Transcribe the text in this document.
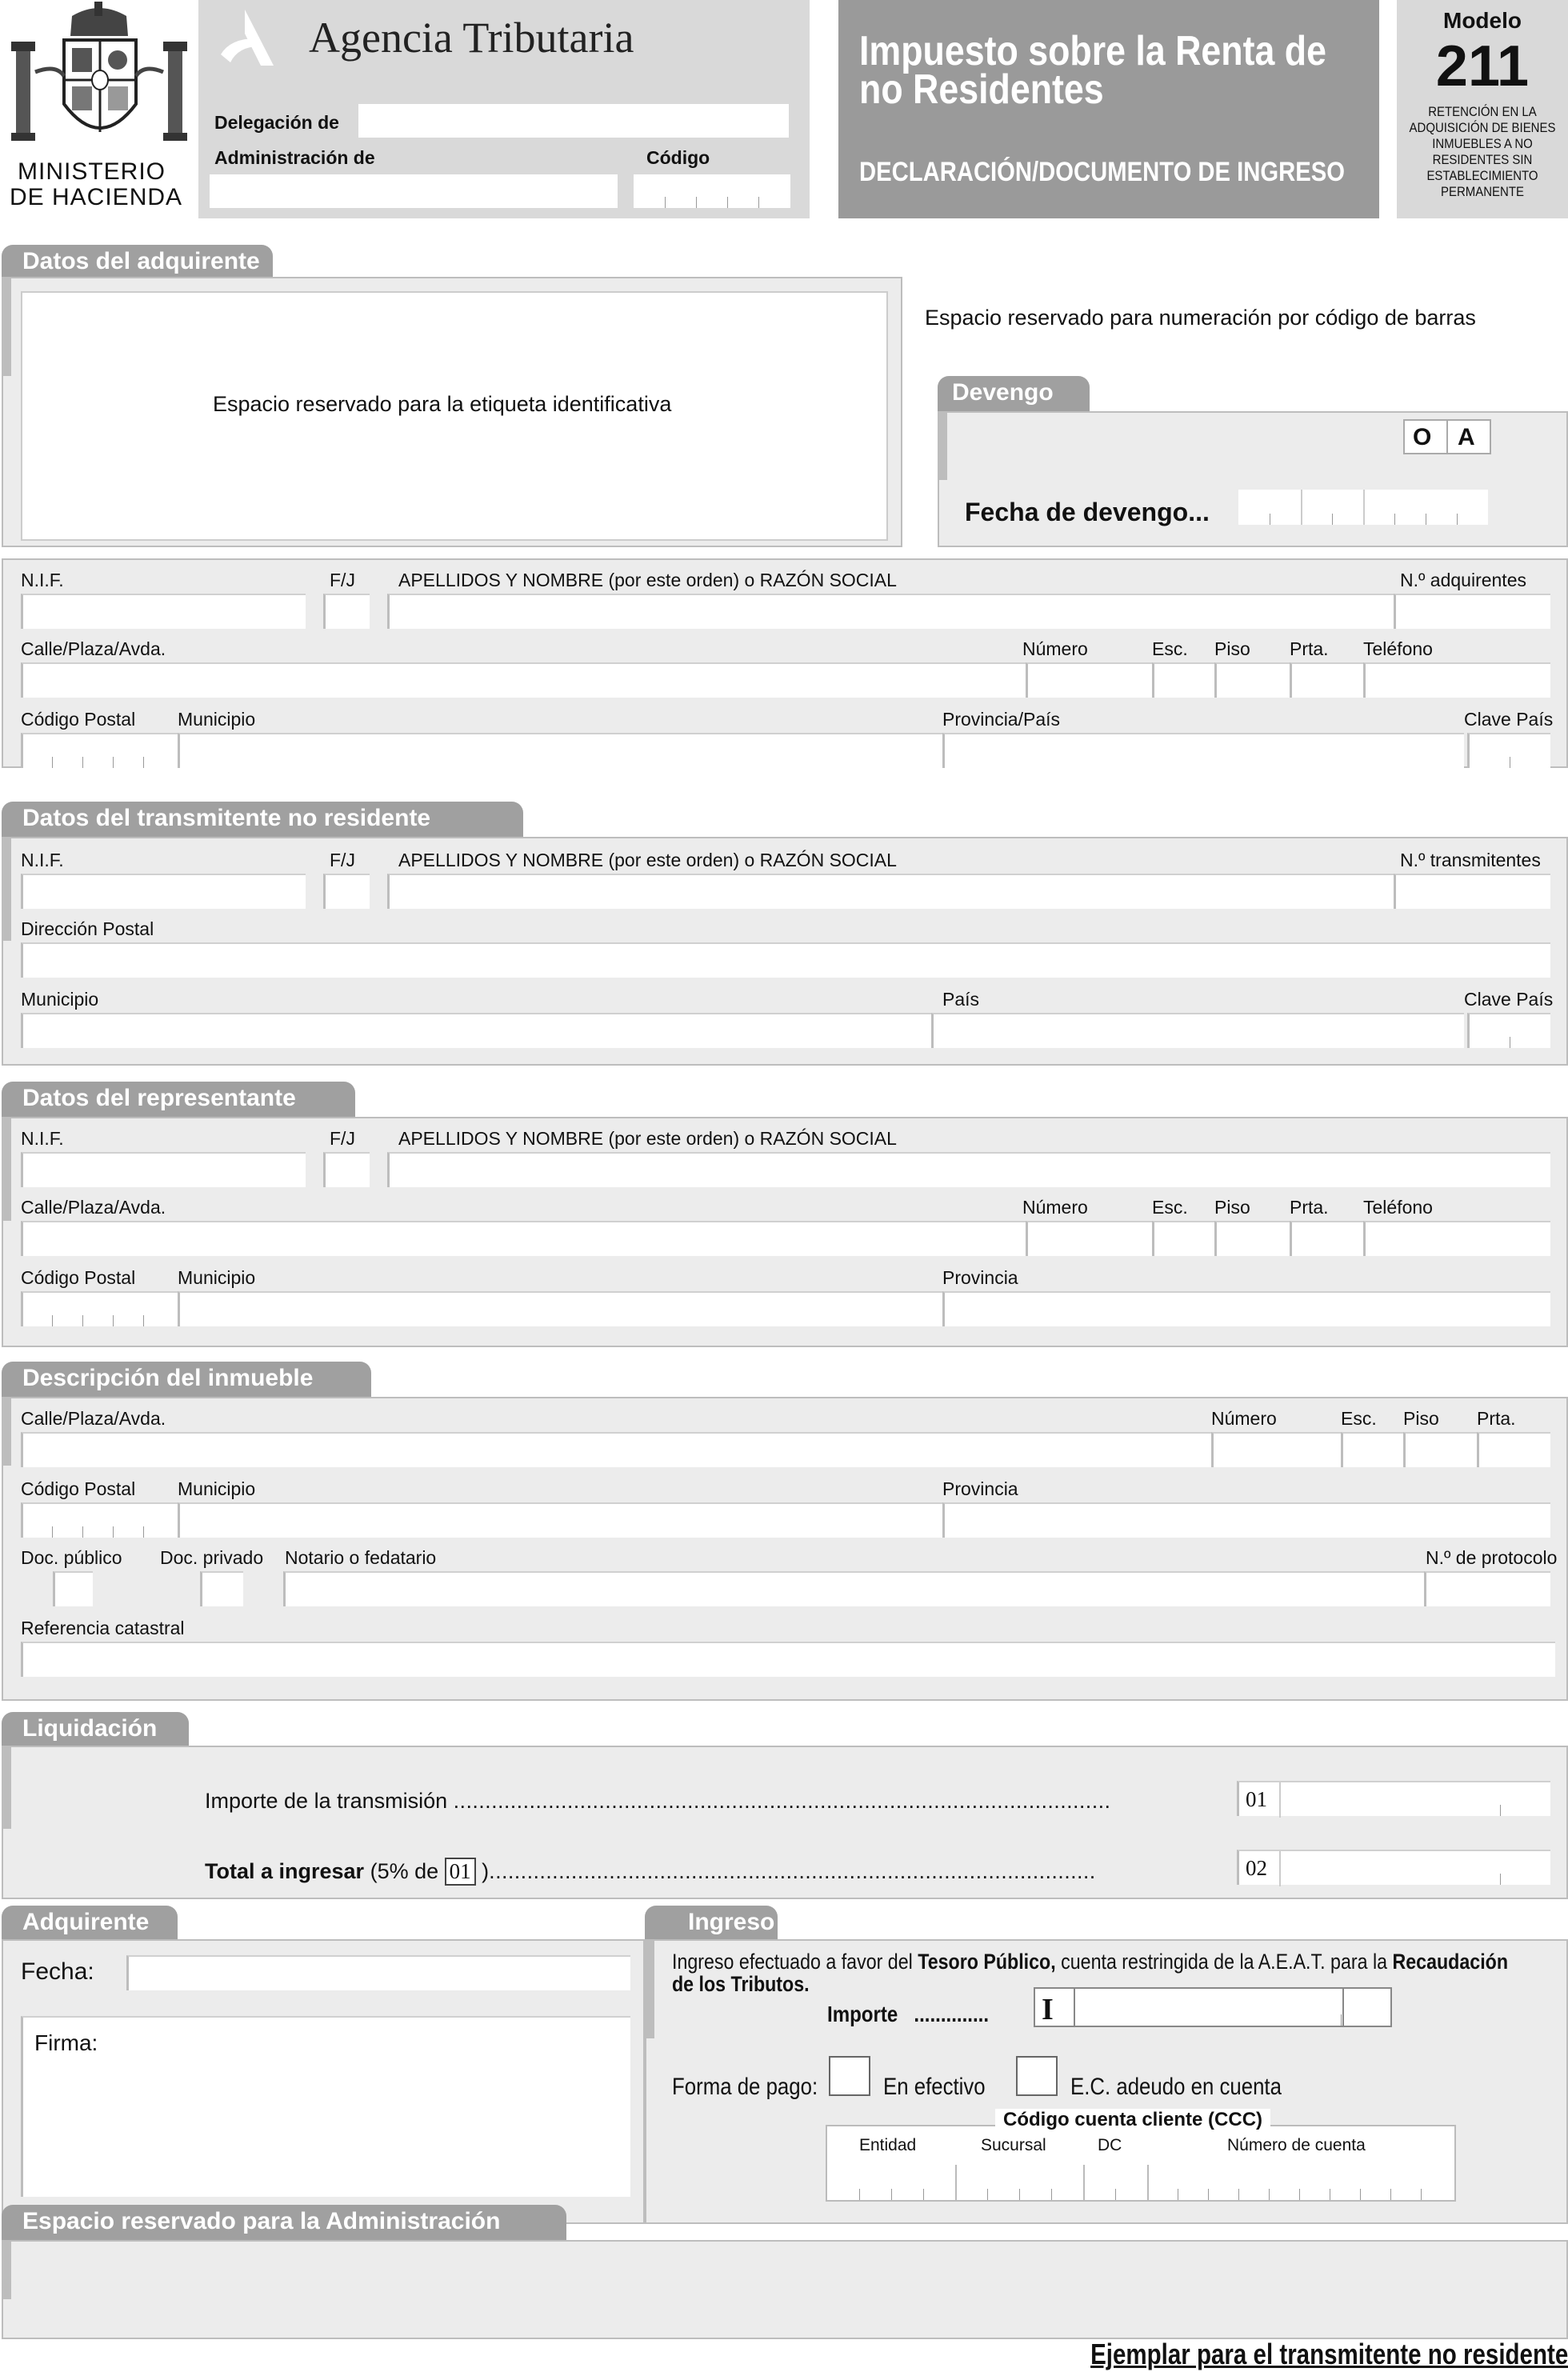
MINISTERIO
DE HACIENDA
Agencia Tributaria
Delegación de
Administración de	Código
Impuesto sobre la Renta de
no Residentes
DECLARACIÓN/DOCUMENTO DE INGRESO
Modelo
211
RETENCIÓN EN LA
ADQUISICIÓN DE BIENES
INMUEBLES A NO
RESIDENTES SIN
ESTABLECIMIENTO
PERMANENTE
Datos del adquirente
Espacio reservado para la etiqueta identificativa
Espacio reservado para numeración por código de barras
Devengo
O A
Fecha de devengo...
N.I.F.	F/J APELLIDOS Y NOMBRE (por este orden) o RAZÓN SOCIAL	N.º adquirentes
Calle/Plaza/Avda.	Número	Esc. Piso Prta. Teléfono
Código Postal Municipio	Provincia/País	Clave País
Datos del transmitente no residente
N.I.F.	F/J APELLIDOS Y NOMBRE (por este orden) o RAZÓN SOCIAL	N.º transmitentes
Dirección Postal
Municipio	País	Clave País
Datos del representante
N.I.F.	F/J APELLIDOS Y NOMBRE (por este orden) o RAZÓN SOCIAL
Calle/Plaza/Avda.	Número	Esc. Piso Prta. Teléfono
Código Postal Municipio	Provincia
Descripción del inmueble
Calle/Plaza/Avda.	Número	Esc. Piso Prta.
Código Postal Municipio	Provincia
Doc. público Doc. privado Notario o fedatario	N.º de protocolo
Referencia catastral
Liquidación
Importe de la transmisión ........................................................................................................	01
Total a ingresar (5% de 01 )................................................................................................	02
Adquirente
Fecha:
Firma:
Ingreso
Ingreso efectuado a favor del Tesoro Público, cuenta restringida de la A.E.A.T. para la Recaudación
de los Tributos.
Importe .............. I
Forma de pago:	En efectivo	E.C. adeudo en cuenta
Código cuenta cliente (CCC)
Entidad	Sucursal	DC	Número de cuenta
Espacio reservado para la Administración
Ejemplar para el transmitente no residente
